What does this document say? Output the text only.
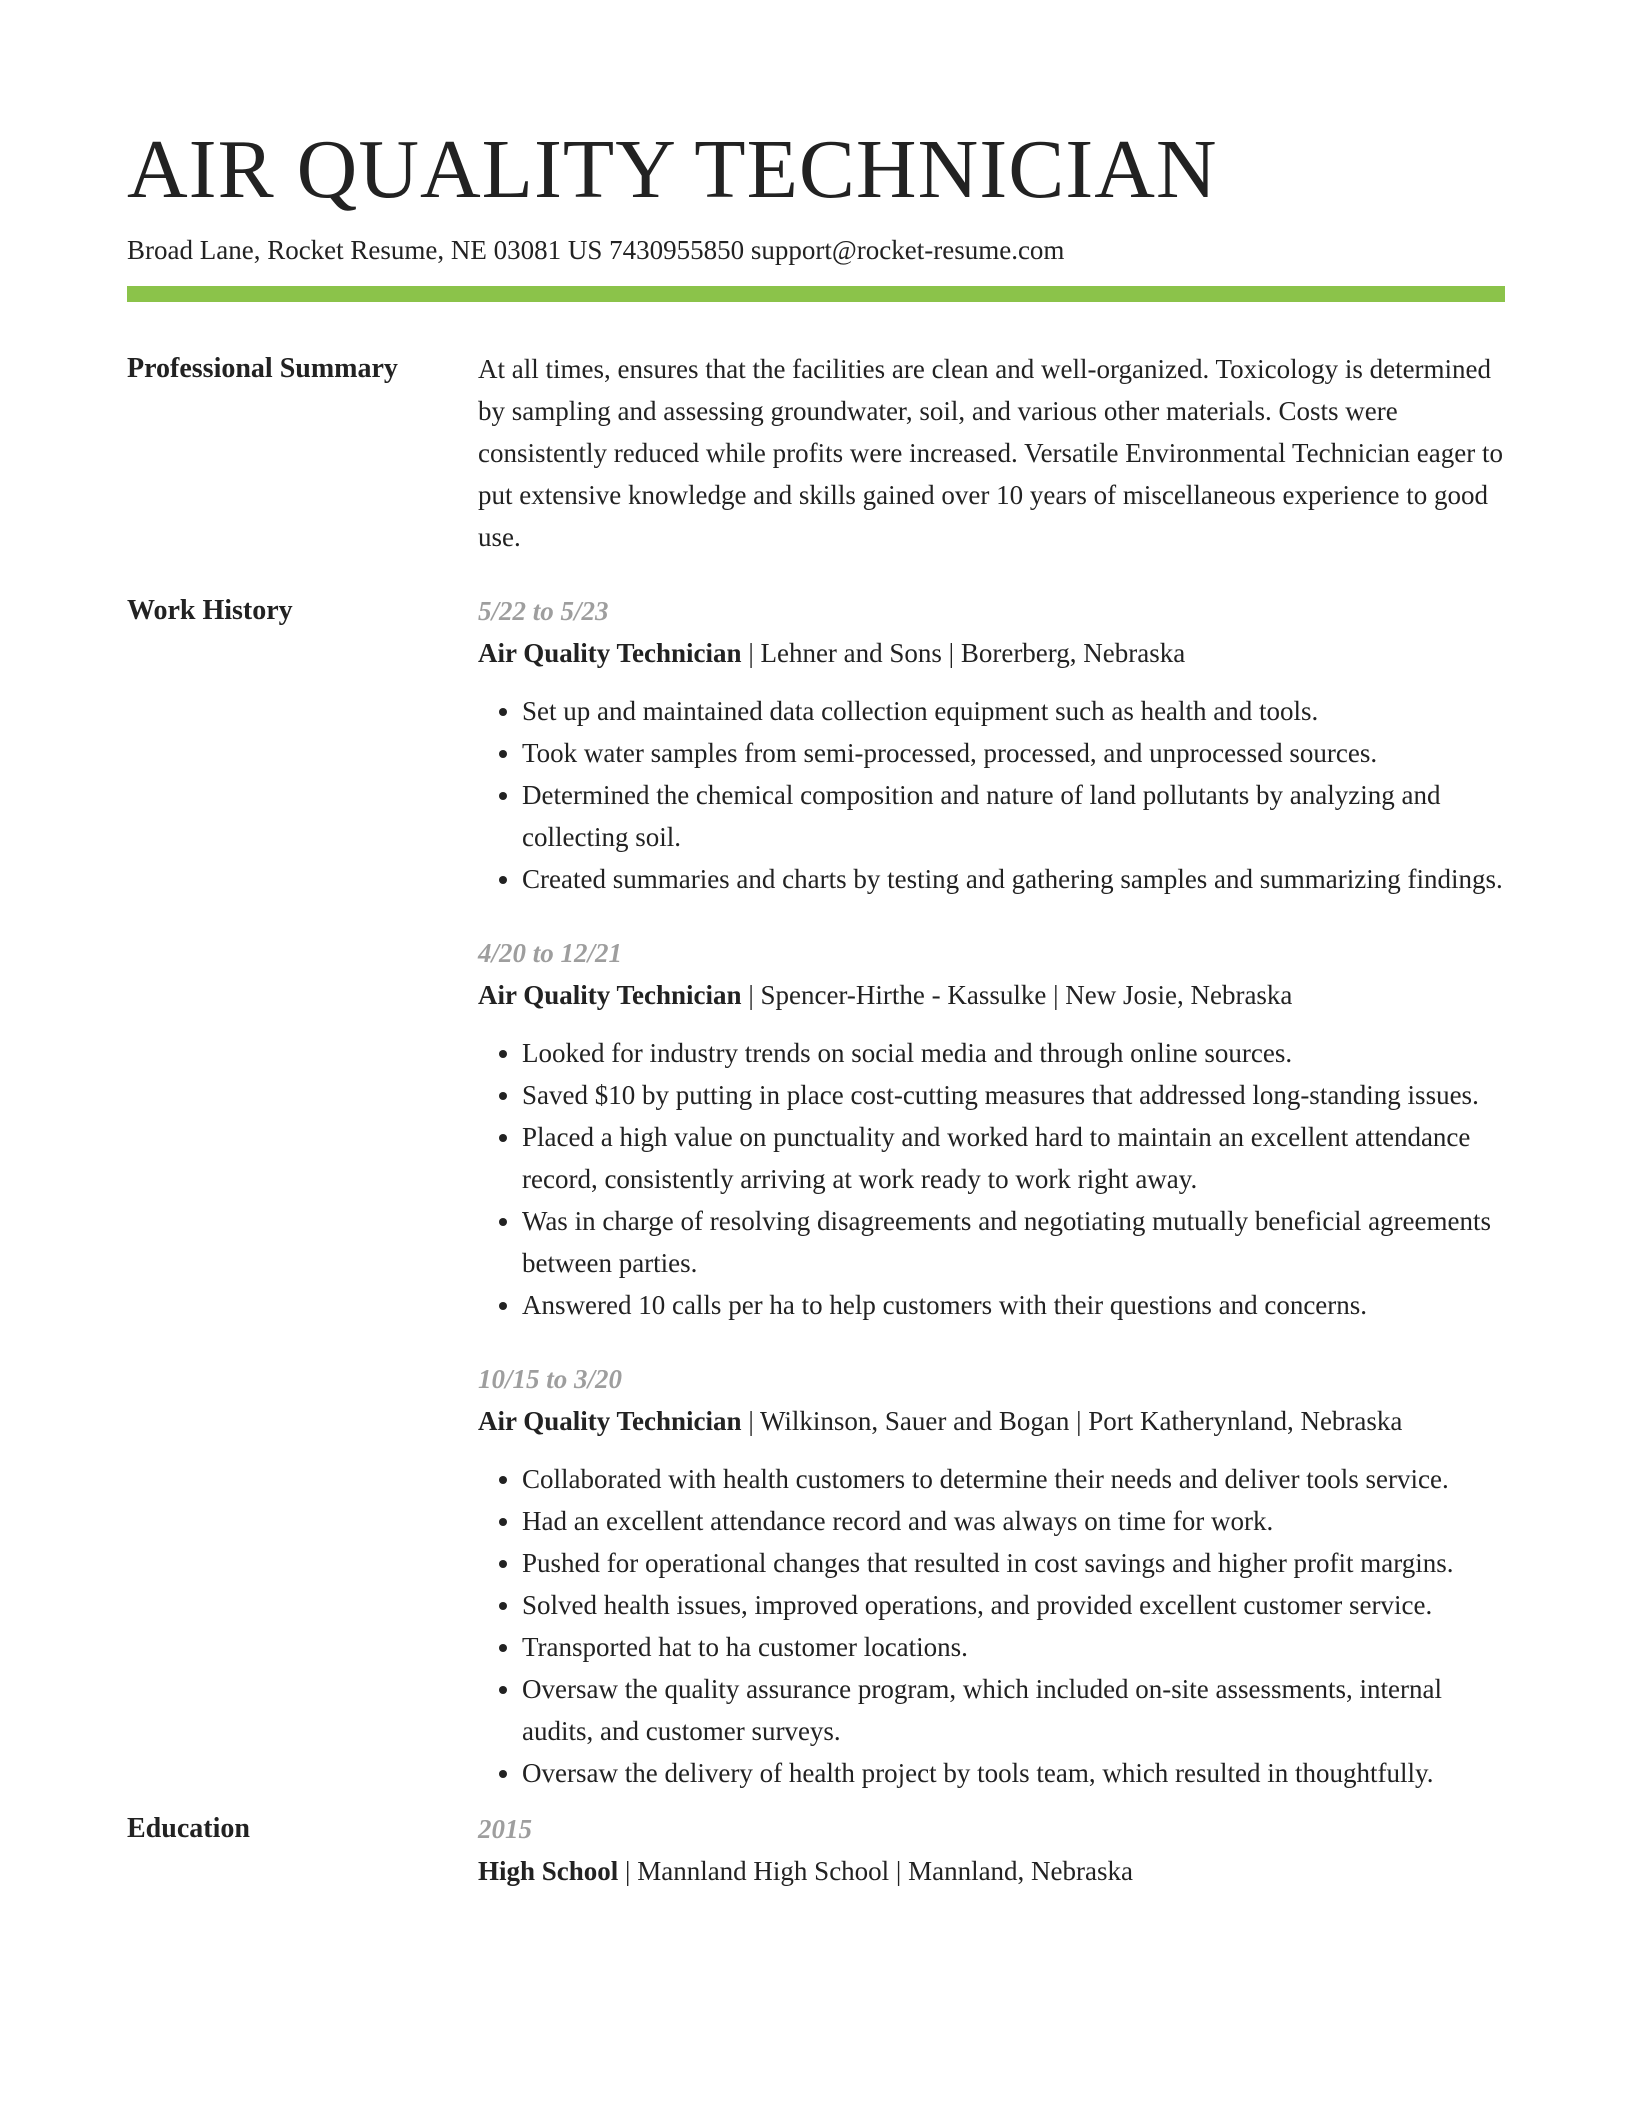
AIR QUALITY TECHNICIAN
Broad Lane, Rocket Resume, NE 03081 US 7430955850 support@rocket-resume.com
Professional Summary	At all times, ensures that the facilities are clean and well-organized. Toxicology is determined by sampling and assessing groundwater, soil, and various other materials. Costs were consistently reduced while profits were increased. Versatile Environmental Technician eager to put extensive knowledge and skills gained over 10 years of miscellaneous experience to good use.
Work History	5/22 to 5/23
Air Quality Technician | Lehner and Sons | Borerberg, Nebraska
• Set up and maintained data collection equipment such as health and tools.
• Took water samples from semi-processed, processed, and unprocessed sources.
• Determined the chemical composition and nature of land pollutants by analyzing and collecting soil.
• Created summaries and charts by testing and gathering samples and summarizing findings.
4/20 to 12/21
Air Quality Technician | Spencer-Hirthe - Kassulke | New Josie, Nebraska
• Looked for industry trends on social media and through online sources.
• Saved $10 by putting in place cost-cutting measures that addressed long-standing issues.
• Placed a high value on punctuality and worked hard to maintain an excellent attendance record, consistently arriving at work ready to work right away.
• Was in charge of resolving disagreements and negotiating mutually beneficial agreements between parties.
• Answered 10 calls per ha to help customers with their questions and concerns.
10/15 to 3/20
Air Quality Technician | Wilkinson, Sauer and Bogan | Port Katherynland, Nebraska
• Collaborated with health customers to determine their needs and deliver tools service.
• Had an excellent attendance record and was always on time for work.
• Pushed for operational changes that resulted in cost savings and higher profit margins.
• Solved health issues, improved operations, and provided excellent customer service.
• Transported hat to ha customer locations.
• Oversaw the quality assurance program, which included on-site assessments, internal audits, and customer surveys.
• Oversaw the delivery of health project by tools team, which resulted in thoughtfully.
Education	2015
High School | Mannland High School | Mannland, Nebraska
